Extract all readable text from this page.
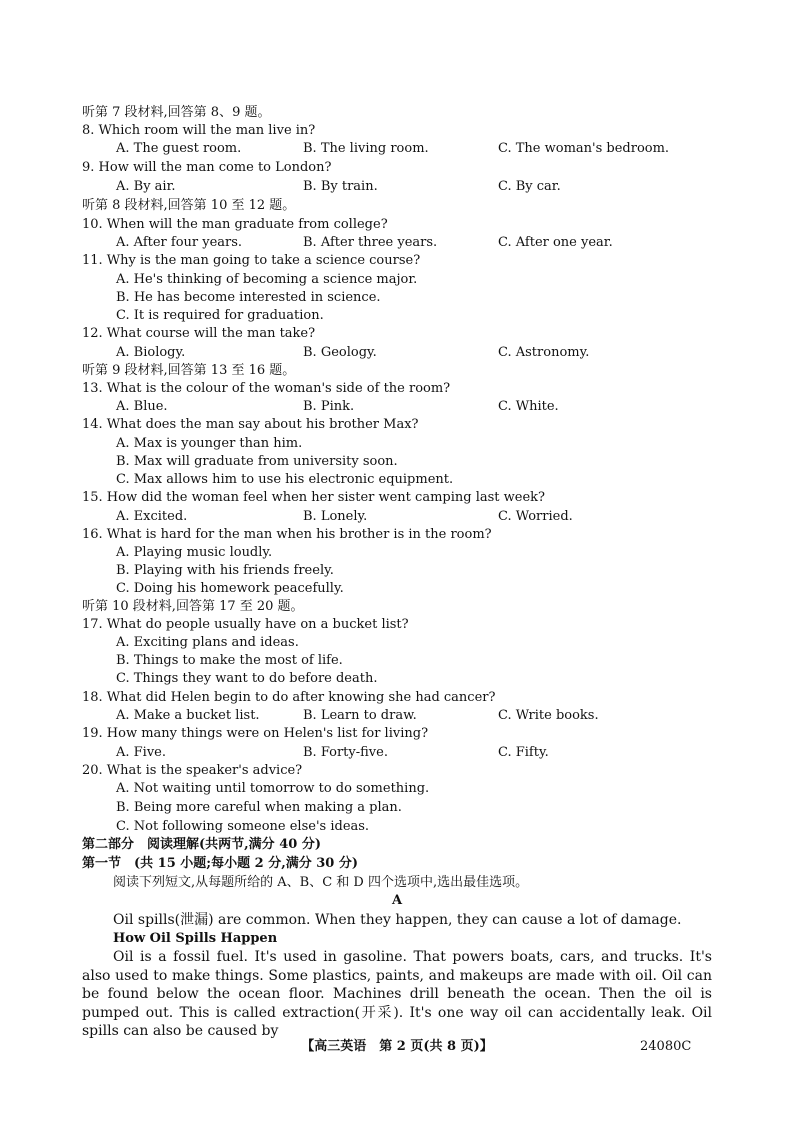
听第 7 段材料,回答第 8、9 题。
8. Which room will the man live in?
A. The guest room.	B. The living room.	C. The woman's bedroom.
9. How will the man come to London?
A. By air.	B. By train.	C. By car.
听第 8 段材料,回答第 10 至 12 题。
10. When will the man graduate from college?
A. After four years.	B. After three years.	C. After one year.
11. Why is the man going to take a science course?
A. He's thinking of becoming a science major.
B. He has become interested in science.
C. It is required for graduation.
12. What course will the man take?
A. Biology.	B. Geology.	C. Astronomy.
听第 9 段材料,回答第 13 至 16 题。
13. What is the colour of the woman's side of the room?
A. Blue.	B. Pink.	C. White.
14. What does the man say about his brother Max?
A. Max is younger than him.
B. Max will graduate from university soon.
C. Max allows him to use his electronic equipment.
15. How did the woman feel when her sister went camping last week?
A. Excited.	B. Lonely.	C. Worried.
16. What is hard for the man when his brother is in the room?
A. Playing music loudly.
B. Playing with his friends freely.
C. Doing his homework peacefully.
听第 10 段材料,回答第 17 至 20 题。
17. What do people usually have on a bucket list?
A. Exciting plans and ideas.
B. Things to make the most of life.
C. Things they want to do before death.
18. What did Helen begin to do after knowing she had cancer?
A. Make a bucket list.	B. Learn to draw.	C. Write books.
19. How many things were on Helen's list for living?
A. Five.	B. Forty-five.	C. Fifty.
20. What is the speaker's advice?
A. Not waiting until tomorrow to do something.
B. Being more careful when making a plan.
C. Not following someone else's ideas.
第二部分　阅读理解(共两节,满分 40 分)
第一节　(共 15 小题;每小题 2 分,满分 30 分)
阅读下列短文,从每题所给的 A、B、C 和 D 四个选项中,选出最佳选项。
A
Oil spills(泄漏) are common. When they happen, they can cause a lot of damage.
How Oil Spills Happen
Oil is a fossil fuel. It's used in gasoline. That powers boats, cars, and trucks. It's also used to make things. Some plastics, paints, and makeups are made with oil. Oil can be found below the ocean floor. Machines drill beneath the ocean. Then the oil is pumped out. This is called extraction(开采). It's one way oil can accidentally leak. Oil spills can also be caused by
【高三英语　第 2 页(共 8 页)】	24080C
